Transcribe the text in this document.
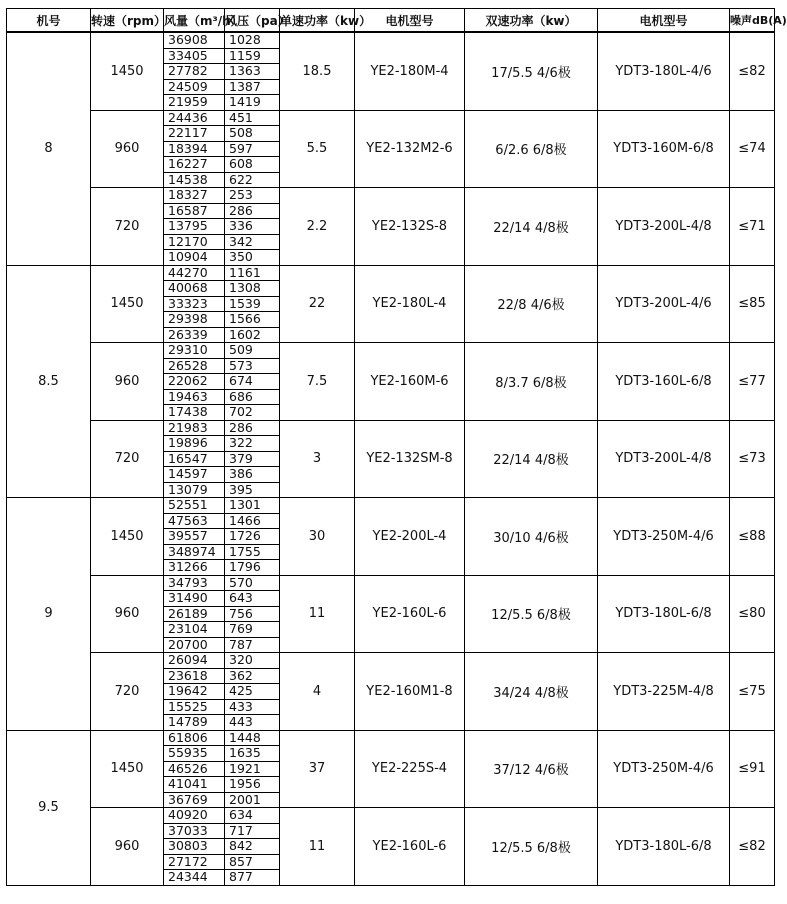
机号	转速（rpm）	风量（m³/h）	风压（pa）	单速功率（kw）	电机型号	双速功率（kw）	电机型号	噪声dB(A)
8	1450	36908	1028	18.5	YE2-180M-4	17/5.5 4/6极	YDT3-180L-4/6	≤82
		33405	1159					
		27782	1363					
		24509	1387					
		21959	1419					
	960	24436	451	5.5	YE2-132M2-6	6/2.6 6/8极	YDT3-160M-6/8	≤74
		22117	508					
		18394	597					
		16227	608					
		14538	622					
	720	18327	253	2.2	YE2-132S-8	22/14 4/8极	YDT3-200L-4/8	≤71
		16587	286					
		13795	336					
		12170	342					
		10904	350					
8.5	1450	44270	1161	22	YE2-180L-4	22/8 4/6极	YDT3-200L-4/6	≤85
		40068	1308					
		33323	1539					
		29398	1566					
		26339	1602					
	960	29310	509	7.5	YE2-160M-6	8/3.7 6/8极	YDT3-160L-6/8	≤77
		26528	573					
		22062	674					
		19463	686					
		17438	702					
	720	21983	286	3	YE2-132SM-8	22/14 4/8极	YDT3-200L-4/8	≤73
		19896	322					
		16547	379					
		14597	386					
		13079	395					
9	1450	52551	1301	30	YE2-200L-4	30/10 4/6极	YDT3-250M-4/6	≤88
		47563	1466					
		39557	1726					
		348974	1755					
		31266	1796					
	960	34793	570	11	YE2-160L-6	12/5.5 6/8极	YDT3-180L-6/8	≤80
		31490	643					
		26189	756					
		23104	769					
		20700	787					
	720	26094	320	4	YE2-160M1-8	34/24 4/8极	YDT3-225M-4/8	≤75
		23618	362					
		19642	425					
		15525	433					
		14789	443					
9.5	1450	61806	1448	37	YE2-225S-4	37/12 4/6极	YDT3-250M-4/6	≤91
		55935	1635					
		46526	1921					
		41041	1956					
		36769	2001					
	960	40920	634	11	YE2-160L-6	12/5.5 6/8极	YDT3-180L-6/8	≤82
		37033	717					
		30803	842					
		27172	857					
		24344	877					
